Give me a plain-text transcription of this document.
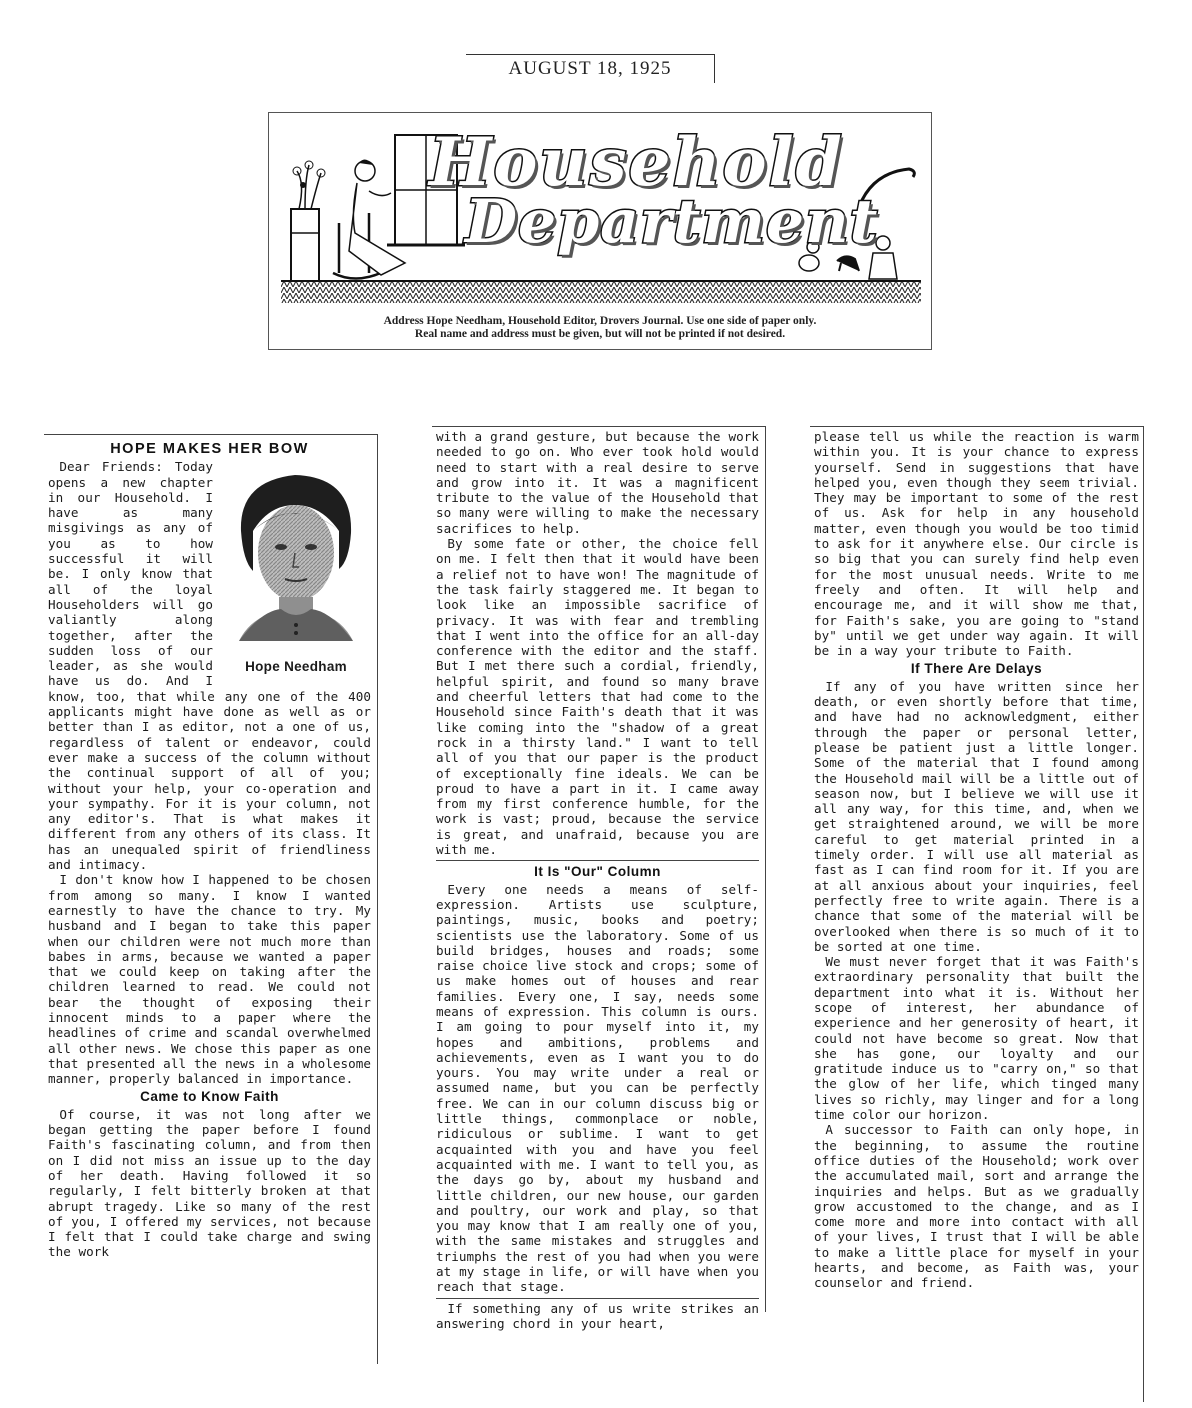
AUGUST 18, 1925
Household
Department
Address Hope Needham, Household Editor, Drovers Journal. Use one side of paper only.
Real name and address must be given, but will not be printed if not desired.
HOPE MAKES HER BOW
Hope Needham

Dear Friends: Today opens a new chapter in our Household. I have as many misgivings as any of you as to how successful it will be. I only know that all of the loyal Householders will go valiantly along together, after the sudden loss of our leader, as she would have us do. And I know, too, that while any one of the 400 applicants might have done as well as or better than I as editor, not a one of us, regardless of talent or endeavor, could ever make a success of the column without the continual support of all of you; without your help, your co-operation and your sympathy. For it is your column, not any editor's. That is what makes it different from any others of its class. It has an unequaled spirit of friendliness and intimacy.

I don't know how I happened to be chosen from among so many. I know I wanted earnestly to have the chance to try. My husband and I began to take this paper when our children were not much more than babes in arms, because we wanted a paper that we could keep on taking after the children learned to read. We could not bear the thought of exposing their innocent minds to a paper where the headlines of crime and scandal overwhelmed all other news. We chose this paper as one that presented all the news in a wholesome manner, properly balanced in importance.

Came to Know Faith

Of course, it was not long after we began getting the paper before I found Faith's fascinating column, and from then on I did not miss an issue up to the day of her death. Having followed it so regularly, I felt bitterly broken at that abrupt tragedy. Like so many of the rest of you, I offered my services, not because I felt that I could take charge and swing the work

with a grand gesture, but because the work needed to go on. Who ever took hold would need to start with a real desire to serve and grow into it. It was a magnificent tribute to the value of the Household that so many were willing to make the necessary sacrifices to help.

By some fate or other, the choice fell on me. I felt then that it would have been a relief not to have won! The magnitude of the task fairly staggered me. It began to look like an impossible sacrifice of privacy. It was with fear and trembling that I went into the office for an all-day conference with the editor and the staff. But I met there such a cordial, friendly, helpful spirit, and found so many brave and cheerful letters that had come to the Household since Faith's death that it was like coming into the "shadow of a great rock in a thirsty land." I want to tell all of you that our paper is the product of exceptionally fine ideals. We can be proud to have a part in it. I came away from my first conference humble, for the work is vast; proud, because the service is great, and unafraid, because you are with me.

It Is "Our" Column

Every one needs a means of self-expression. Artists use sculpture, paintings, music, books and poetry; scientists use the laboratory. Some of us build bridges, houses and roads; some raise choice live stock and crops; some of us make homes out of houses and rear families. Every one, I say, needs some means of expression. This column is ours. I am going to pour myself into it, my hopes and ambitions, problems and achievements, even as I want you to do yours. You may write under a real or assumed name, but you can be perfectly free. We can in our column discuss big or little things, commonplace or noble, ridiculous or sublime. I want to get acquainted with you and have you feel acquainted with me. I want to tell you, as the days go by, about my husband and little children, our new house, our garden and poultry, our work and play, so that you may know that I am really one of you, with the same mistakes and struggles and triumphs the rest of you had when you were at my stage in life, or will have when you reach that stage.

If something any of us write strikes an answering chord in your heart,

please tell us while the reaction is warm within you. It is your chance to express yourself. Send in suggestions that have helped you, even though they seem trivial. They may be important to some of the rest of us. Ask for help in any household matter, even though you would be too timid to ask for it anywhere else. Our circle is so big that you can surely find help even for the most unusual needs. Write to me freely and often. It will help and encourage me, and it will show me that, for Faith's sake, you are going to "stand by" until we get under way again. It will be in a way your tribute to Faith.

If There Are Delays

If any of you have written since her death, or even shortly before that time, and have had no acknowledgment, either through the paper or personal letter, please be patient just a little longer. Some of the material that I found among the Household mail will be a little out of season now, but I believe we will use it all any way, for this time, and, when we get straightened around, we will be more careful to get material printed in a timely order. I will use all material as fast as I can find room for it. If you are at all anxious about your inquiries, feel perfectly free to write again. There is a chance that some of the material will be overlooked when there is so much of it to be sorted at one time.

We must never forget that it was Faith's extraordinary personality that built the department into what it is. Without her scope of interest, her abundance of experience and her generosity of heart, it could not have become so great. Now that she has gone, our loyalty and our gratitude induce us to "carry on," so that the glow of her life, which tinged many lives so richly, may linger and for a long time color our horizon.

A successor to Faith can only hope, in the beginning, to assume the routine office duties of the Household; work over the accumulated mail, sort and arrange the inquiries and helps. But as we gradually grow accustomed to the change, and as I come more and more into contact with all of your lives, I trust that I will be able to make a little place for myself in your hearts, and become, as Faith was, your counselor and friend.
